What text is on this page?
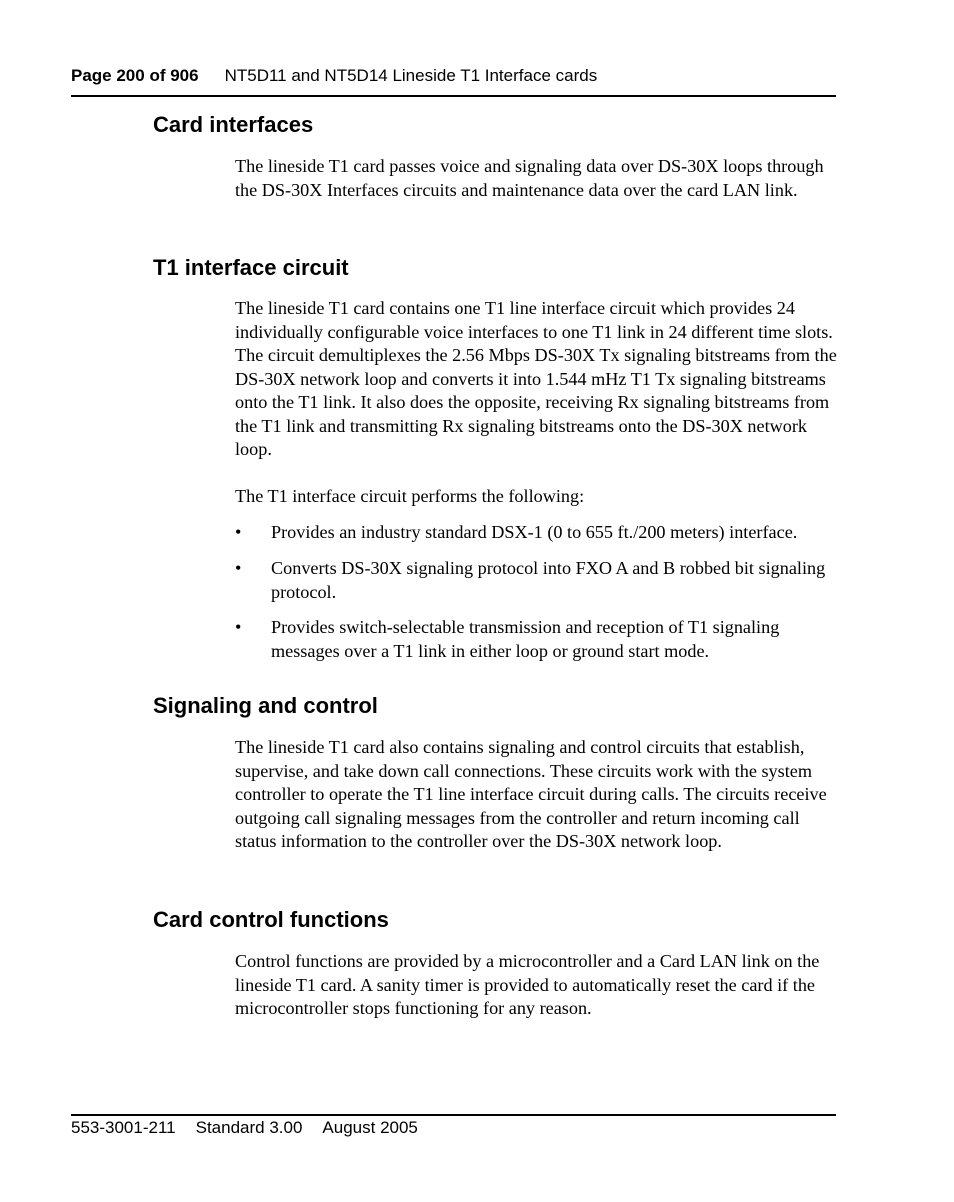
Page 200 of 906 NT5D11 and NT5D14 Lineside T1 Interface cards
Card interfaces

The lineside T1 card passes voice and signaling data over DS-30X loops through the DS-30X Interfaces circuits and maintenance data over the card LAN link.

T1 interface circuit

The lineside T1 card contains one T1 line interface circuit which provides 24 individually configurable voice interfaces to one T1 link in 24 different time slots. The circuit demultiplexes the 2.56 Mbps DS-30X Tx signaling bitstreams from the DS-30X network loop and converts it into 1.544 mHz T1 Tx signaling bitstreams onto the T1 link. It also does the opposite, receiving Rx signaling bitstreams from the T1 link and transmitting Rx signaling bitstreams onto the DS-30X network loop.

The T1 interface circuit performs the following:

• Provides an industry standard DSX-1 (0 to 655 ft./200 meters) interface.
• Converts DS-30X signaling protocol into FXO A and B robbed bit signaling protocol.
• Provides switch-selectable transmission and reception of T1 signaling messages over a T1 link in either loop or ground start mode.
Signaling and control

The lineside T1 card also contains signaling and control circuits that establish, supervise, and take down call connections. These circuits work with the system controller to operate the T1 line interface circuit during calls. The circuits receive outgoing call signaling messages from the controller and return incoming call status information to the controller over the DS-30X network loop.

Card control functions

Control functions are provided by a microcontroller and a Card LAN link on the lineside T1 card. A sanity timer is provided to automatically reset the card if the microcontroller stops functioning for any reason.

553-3001-211 Standard 3.00 August 2005
